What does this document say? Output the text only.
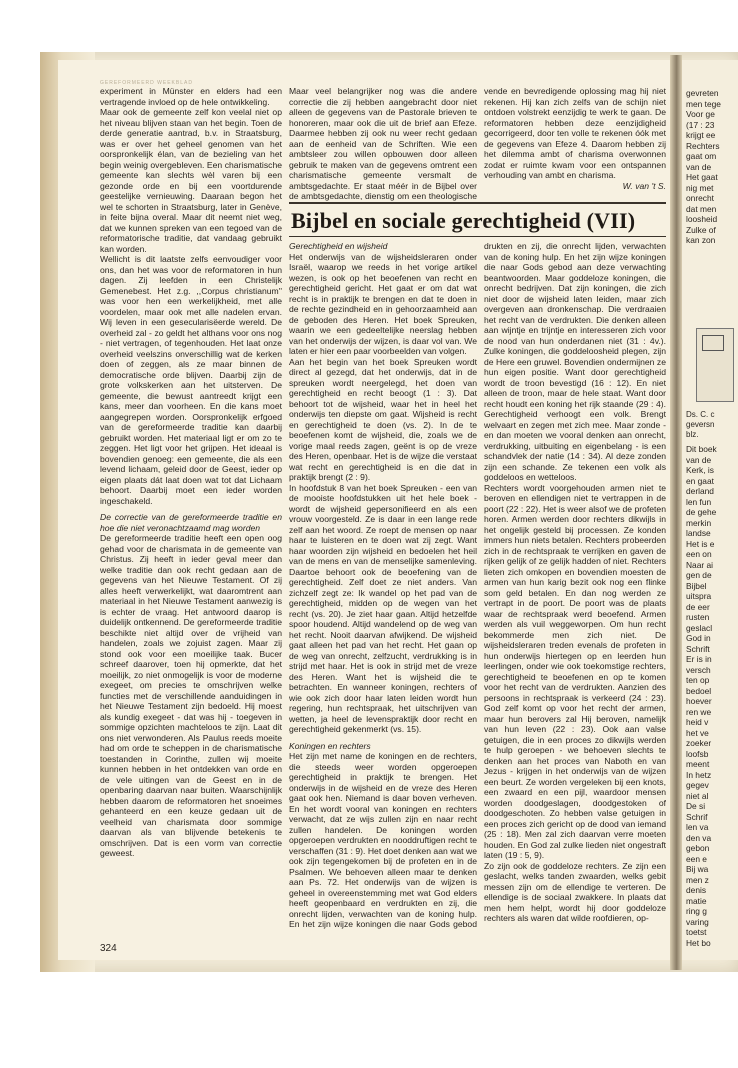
GEREFORMEERD WEEKBLAD

experiment in Münster en elders had een vertragende invloed op de hele ontwikkeling.

Maar ook de gemeente zelf kon veelal niet op het niveau blijven staan van het begin. Toen de derde generatie aantrad, b.v. in Straatsburg, was er over het geheel genomen van het oorspronkelijk élan, van de bezieling van het begin weinig overgebleven. Een charismatische gemeente kan slechts wèl varen bij een gezonde orde en bij een voortdurende geestelijke vernieuwing. Daaraan begon het wel te schorten in Straatsburg, later in Genève, in feite bijna overal. Maar dit neemt niet weg, dat we kunnen spreken van een tegoed van de reformatorische traditie, dat vandaag gebruikt kan worden.

Wellicht is dit laatste zelfs eenvoudiger voor ons, dan het was voor de reformatoren in hun dagen. Zij leefden in een Christelijk Gemenebest. Het z.g. ,,Corpus christianum'' was voor hen een werkelijkheid, met alle voordelen, maar ook met alle nadelen ervan. Wij leven in een gesecularisëerde wereld. De overheid zal - zo geldt het althans voor ons nog - niet vertragen, of tegenhouden. Het laat onze overheid veelszins onverschillig wat de kerken doen of zeggen, als ze maar binnen de democratische orde blijven. Daarbij zijn de grote volkskerken aan het uitsterven. De gemeente, die bewust aantreedt krijgt een kans, meer dan voorheen. En die kans moet aangegrepen worden. Oorspronkelijk erfgoed van de gereformeerde traditie kan daarbij gebruikt worden. Het materiaal ligt er om zo te zeggen. Het ligt voor het grijpen. Het ideaal is bovendien genoeg: een gemeente, die als een levend lichaam, geleid door de Geest, ieder op eigen plaats dát laat doen wat tot dat Lichaam behoort. Daarbij moet een ieder worden ingeschakeld.

De correctie van de gereformeerde traditie en hoe die niet veronachtzaamd mag worden

De gereformeerde traditie heeft een open oog gehad voor de charismata in de gemeente van Christus. Zij heeft in ieder geval meer dan welke traditie dan ook recht gedaan aan de gegevens van het Nieuwe Testament. Of zij alles heeft verwerkelijkt, wat daaromtrent aan materiaal in het Nieuwe Testament aanwezig is is echter de vraag. Het antwoord daarop is duidelijk ontkennend. De gereformeerde traditie beschikte niet altijd over de vrijheid van handelen, zoals we zojuist zagen. Maar zij stond ook voor een moeilijke taak. Bucer schreef daarover, toen hij opmerkte, dat het moeilijk, zo niet onmogelijk is voor de moderne exegeet, om precies te omschrijven welke functies met de verschillende aanduidingen in het Nieuwe Testament zijn bedoeld. Hij moest als kundig exegeet - dat was hij - toegeven in sommige opzichten machteloos te zijn. Laat dit ons niet verwonderen. Als Paulus reeds moeite had om orde te scheppen in de charismatische toestanden in Corinthe, zullen wij moeite kunnen hebben in het ontdekken van orde en de vele uitingen van de Geest en in de openbaring daarvan naar buiten. Waarschijnlijk hebben daarom de reformatoren het snoeimes gehanteerd en een keuze gedaan uit de veelheid van charismata door sommige daarvan als van blijvende betekenis te omschrijven. Dat is een vorm van correctie geweest.

Maar veel belangrijker nog was die andere correctie die zij hebben aangebracht door niet alleen de gegevens van de Pastorale brieven te honoreren, maar ook die uit de brief aan Efeze. Daarmee hebben zij ook nu weer recht gedaan aan de eenheid van de Schriften. Wie een ambtsleer zou willen opbouwen door alleen gebruik te maken van de gegevens omtrent een charismatische gemeente versmalt de ambtsgedachte. Er staat méér in de Bijbel over de ambtsgedachte, dienstig om een theologische

vende en bevredigende oplossing mag hij niet rekenen. Hij kan zich zelfs van de schijn niet ontdoen volstrekt eenzijdig te werk te gaan. De reformatoren hebben deze eenzijdigheid gecorrigeerd, door ten volle te rekenen óók met de gegevens van Efeze 4. Daarom hebben zij het dilemma ambt of charisma overwonnen zodat er ruimte kwam voor een ontspannen verhouding van ambt en charisma.

W. van 't S.

Bijbel en sociale gerechtigheid (VII)

Gerechtigheid en wijsheid

Het onderwijs van de wijsheidsleraren onder Israël, waarop we reeds in het vorige artikel wezen, is ook op het beoefenen van recht en gerechtigheid gericht. Het gaat er om dat wat recht is in praktijk te brengen en dat te doen in de rechte gezindheid en in gehoorzaamheid aan de geboden des Heren. Het boek Spreuken, waarin we een gedeeltelijke neerslag hebben van het onderwijs der wijzen, is daar vol van. We laten er hier een paar voorbeelden van volgen.
Aan het begin van het boek Spreuken wordt direct al gezegd, dat het onderwijs, dat in de spreuken wordt neergelegd, het doen van gerechtigheid en recht beoogt (1 : 3). Dat behoort tot de wijsheid, waar het in heel het onderwijs ten diepste om gaat. Wijsheid is recht en gerechtigheid te doen (vs. 2). In de te beoefenen komt de wijsheid, die, zoals we de vorige maal reeds zagen, geënt is op de vreze des Heren, openbaar. Het is de wijze die verstaat wat recht en gerechtigheid is en die dat in praktijk brengt (2 : 9).
In hoofdstuk 8 van het boek Spreuken - een van de mooiste hoofdstukken uit het hele boek - wordt de wijsheid gepersonifieerd en als een vrouw voorgesteld. Ze is daar in een lange rede zelf aan het woord. Ze roept de mensen op naar haar te luisteren en te doen wat zij zegt. Want haar woorden zijn wijsheid en bedoelen het heil van de mens en van de menselijke samenleving. Daartoe behoort ook de beoefening van de gerechtigheid. Zelf doet ze niet anders. Van zichzelf zegt ze: Ik wandel op het pad van de gerechtigheid, midden op de wegen van het recht (vs. 20). Je ziet haar gaan. Altijd hetzelfde spoor houdend. Altijd wandelend op de weg van het recht. Nooit daarvan afwijkend. De wijsheid gaat alleen het pad van het recht. Het gaan op de weg van onrecht, zelfzucht, verdrukking is in strijd met haar. Het is ook in strijd met de vreze des Heren. Want het is wijsheid die te betrachten. En wanneer koningen, rechters of wie ook zich door haar laten leiden wordt hun regering, hun rechtspraak, het uitschrijven van wetten, ja heel de levenspraktijk door recht en gerechtigheid gekenmerkt (vs. 15).

Koningen en rechters

Het zijn met name de koningen en de rechters, die steeds weer worden opgeroepen gerechtigheid in praktijk te brengen. Het onderwijs in de wijsheid en de vreze des Heren gaat ook hen. Niemand is daar boven verheven. En het wordt vooral van koningen en rechters verwacht, dat ze wijs zullen zijn en naar recht zullen handelen. De koningen worden opgeroepen verdrukten en nooddruftigen recht te verschaffen (31 : 9). Het doet denken aan wat we ook zijn tegengekomen bij de profeten en in de Psalmen. We behoeven alleen maar te denken aan Ps. 72. Het onderwijs van de wijzen is geheel in overeenstemming met wat God elders heeft geopenbaard en verdrukten en zij, die onrecht lijden, verwachten van de koning hulp. En het zijn wijze koningen die naar Gods gebod

drukten en zij, die onrecht lijden, verwachten van de koning hulp. En het zijn wijze koningen die naar Gods gebod aan deze verwachting beantwoorden. Maar goddeloze koningen, die onrecht bedrijven. Dat zijn koningen, die zich niet door de wijsheid laten leiden, maar zich overgeven aan dronkenschap. Die verdraaien het recht van de verdrukten. Die denken alleen aan wijntje en trijntje en interesseren zich voor de nood van hun onderdanen niet (31 : 4v.). Zulke koningen, die goddeloosheid plegen, zijn de Here een gruwel. Bovendien ondermijnen ze hun eigen positie. Want door gerechtigheid wordt de troon bevestigd (16 : 12). En niet alleen de troon, maar de hele staat. Want door recht houdt een koning het rijk staande (29 : 4). Gerechtigheid verhoogt een volk. Brengt welvaart en zegen met zich mee. Maar zonde - en dan moeten we vooral denken aan onrecht, verdrukking, uitbuiting en eigenbelang - is een schandvlek der natie (14 : 34). Al deze zonden zijn een schande. Ze tekenen een volk als goddeloos en wetteloos.
Rechters wordt voorgehouden armen niet te beroven en ellendigen niet te vertrappen in de poort (22 : 22). Het is weer alsof we de profeten horen. Armen werden door rechters dikwijls in het ongelijk gesteld bij processen. Ze konden immers hun niets betalen. Rechters probeerden zich in de rechtspraak te verrijken en gaven de rijken gelijk of ze gelijk hadden of niet. Rechters lieten zich omkopen en bovendien moesten de armen van hun karig bezit ook nog een flinke som geld betalen. En dan nog werden ze vertrapt in de poort. De poort was de plaats waar de rechtspraak werd beoefend. Armen werden als vuil weggeworpen. Om hun recht bekommerde men zich niet. De wijsheidsleraren treden evenals de profeten in hun onderwijs hiertegen op en leerden hun leerlingen, onder wie ook toekomstige rechters, gerechtigheid te beoefenen en op te komen voor het recht van de verdrukten. Aanzien des persoons in rechtspraak is verkeerd (24 : 23). God zelf komt op voor het recht der armen, maar hun berovers zal Hij beroven, namelijk van hun leven (22 : 23). Ook aan valse getuigen, die in een proces zo dikwijls werden te hulp geroepen - we behoeven slechts te denken aan het proces van Naboth en van Jezus - krijgen in het onderwijs van de wijzen een beurt. Ze worden vergeleken bij een knots, een zwaard en een pijl, waardoor mensen worden doodgeslagen, doodgestoken of doodgeschoten. Zo hebben valse getuigen in een proces zich gericht op de dood van iemand (25 : 18). Men zal zich daarvan verre moeten houden. En God zal zulke lieden niet ongestraft laten (19 : 5, 9).
Zo zijn ook de goddeloze rechters. Ze zijn een geslacht, welks tanden zwaarden, welks gebit messen zijn om de ellendige te verteren. De ellendige is de sociaal zwakkere. In plaats dat men hem helpt, wordt hij door goddeloze rechters als waren dat wilde roofdieren, op-

324

gevreten

men tege

Voor ge

(17 : 23

krijgt ee

Rechters

gaat om

van de

Het gaat

nig met

onrecht

dat men

loosheid

Zulke of

kan zon

Ds. C. c
geversn
blz.

Dit boek

van de

Kerk, is

en gaat

derland

len fun

de gehe

merkin

landse

Het is e

een on

Naar ai

gen de

Bijbel

uitspra

de eer

rusten

geslacl

God in

Schrift

Er is in

versch

ten op

bedoel

hoever

ren we

heid v

het ve

zoeker

loofsb

meent

In hetz

gegev

niet al

De si

Schrif

len va

den va

gebon

een e

Bij wa

men z

denis

matie

ring g

varing

toetst

Het bo
